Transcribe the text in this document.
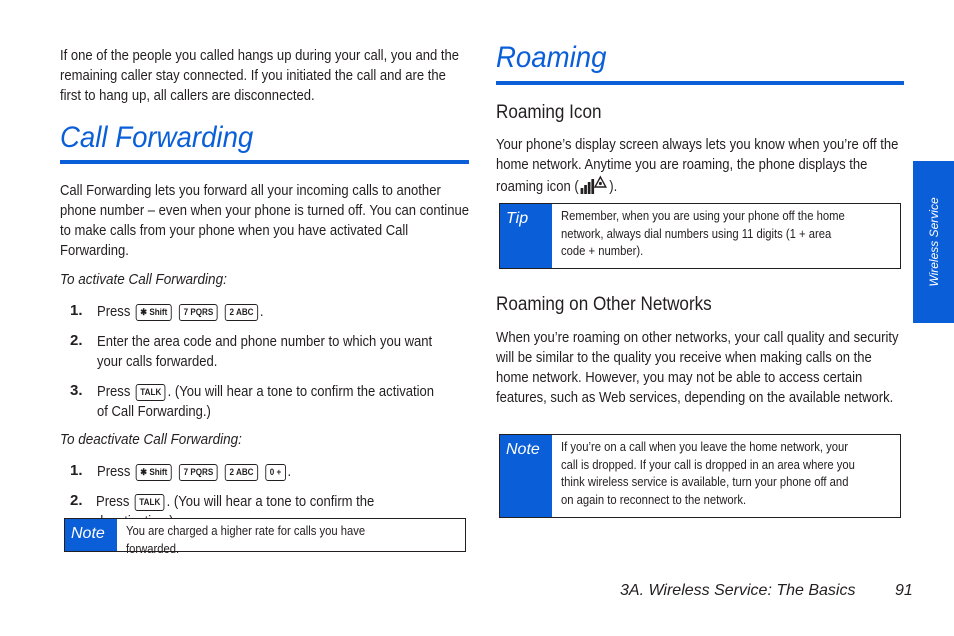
If one of the people you called hangs up during your call, you and the remaining caller stay connected. If you initiated the call and are the first to hang up, all callers are disconnected.
Call Forwarding
Call Forwarding lets you forward all your incoming calls to another phone number – even when your phone is turned off. You can continue to make calls from your phone when you have activated Call Forwarding.
To activate Call Forwarding:
1.	Press ✱ Shift 7 PQRS 2 ABC .
2.	Enter the area code and phone number to which you want your calls forwarded.
3.	Press TALK . (You will hear a tone to confirm the activation of Call Forwarding.)
To deactivate Call Forwarding:
1.	Press ✱ Shift 7 PQRS 2 ABC 0 + .
2. Press TALK . (You will hear a tone to confirm the
Note	You are charged a higher rate for calls you have forwarded.
Roaming
Roaming Icon
Your phone’s display screen always lets you know when you’re off the home network. Anytime you are roaming, the phone displays the roaming icon ( ).
Tip	Remember, when you are using your phone off the home network, always dial numbers using 11 digits (1 + area code + number).
Roaming on Other Networks
When you’re roaming on other networks, your call quality and security will be similar to the quality you receive when making calls on the home network. However, you may not be able to access certain features, such as Web services, depending on the available network.
Note	If you’re on a call when you leave the home network, your call is dropped. If your call is dropped in an area where you think wireless service is available, turn your phone off and on again to reconnect to the network.
Wireless Service
3A. Wireless Service: The Basics 91
